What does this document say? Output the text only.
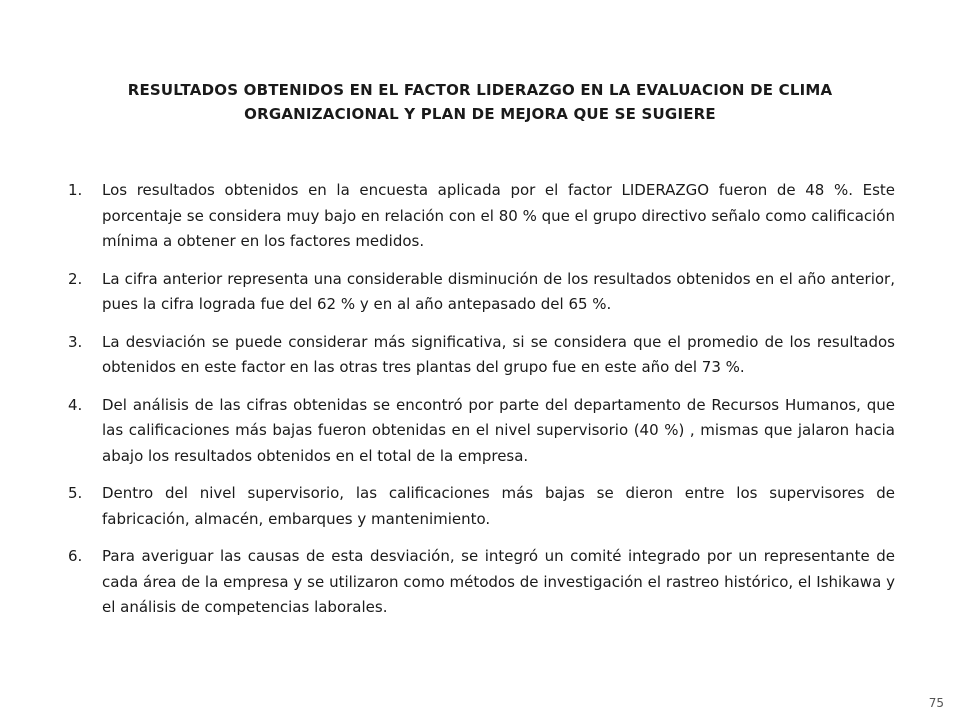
RESULTADOS OBTENIDOS EN EL FACTOR LIDERAZGO EN LA EVALUACION DE CLIMA
ORGANIZACIONAL Y PLAN DE MEJORA QUE SE SUGIERE
1.	Los resultados obtenidos en la encuesta aplicada por el factor LIDERAZGO fueron de 48 %. Este porcentaje se considera muy bajo en relación con el 80 % que el grupo directivo señalo como calificación mínima a obtener en los factores medidos.
2.	La cifra anterior representa una considerable disminución de los resultados obtenidos en el año anterior, pues la cifra lograda fue del 62 % y en al año antepasado del 65 %.
3.	La desviación se puede considerar más significativa, si se considera que el promedio de los resultados obtenidos en este factor en las otras tres plantas del grupo fue en este año del 73 %.
4.	Del análisis de las cifras obtenidas se encontró por parte del departamento de Recursos Humanos, que las calificaciones más bajas fueron obtenidas en el nivel supervisorio (40 %) , mismas que jalaron hacia abajo los resultados obtenidos en el total de la empresa.
5.	Dentro del nivel supervisorio, las calificaciones más bajas se dieron entre los supervisores de fabricación, almacén, embarques y mantenimiento.
6.	Para averiguar las causas de esta desviación, se integró un comité integrado por un representante de cada área de la empresa y se utilizaron como métodos de investigación el rastreo histórico, el Ishikawa y el análisis de competencias laborales.
75
